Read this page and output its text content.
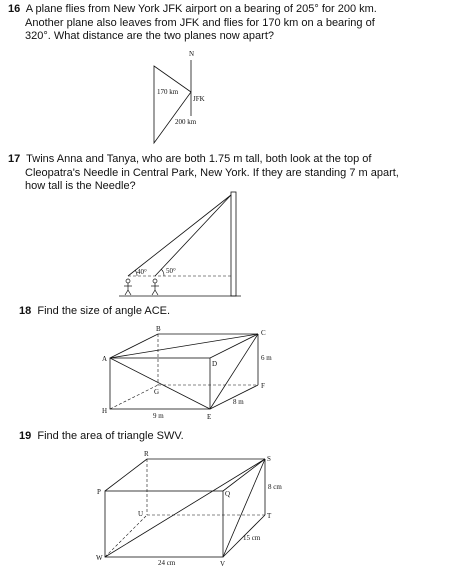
16 A plane flies from New York JFK airport on a bearing of 205° for 200 km.
Another plane also leaves from JFK and flies for 170 km on a bearing of
320°. What distance are the two planes now apart?
N
170 km
JFK
200 km
17 Twins Anna and Tanya, who are both 1.75 m tall, both look at the top of
Cleopatra's Needle in Central Park, New York. If they are standing 7 m apart,
how tall is the Needle?
40°	50°
18 Find the size of angle ACE.
B	C
A
D
6 m
F
G
8 m
H
9 m	E
19 Find the area of triangle SWV.
R
S
8 cm
P	Q
U	T
15 cm
W
24 cm	V
